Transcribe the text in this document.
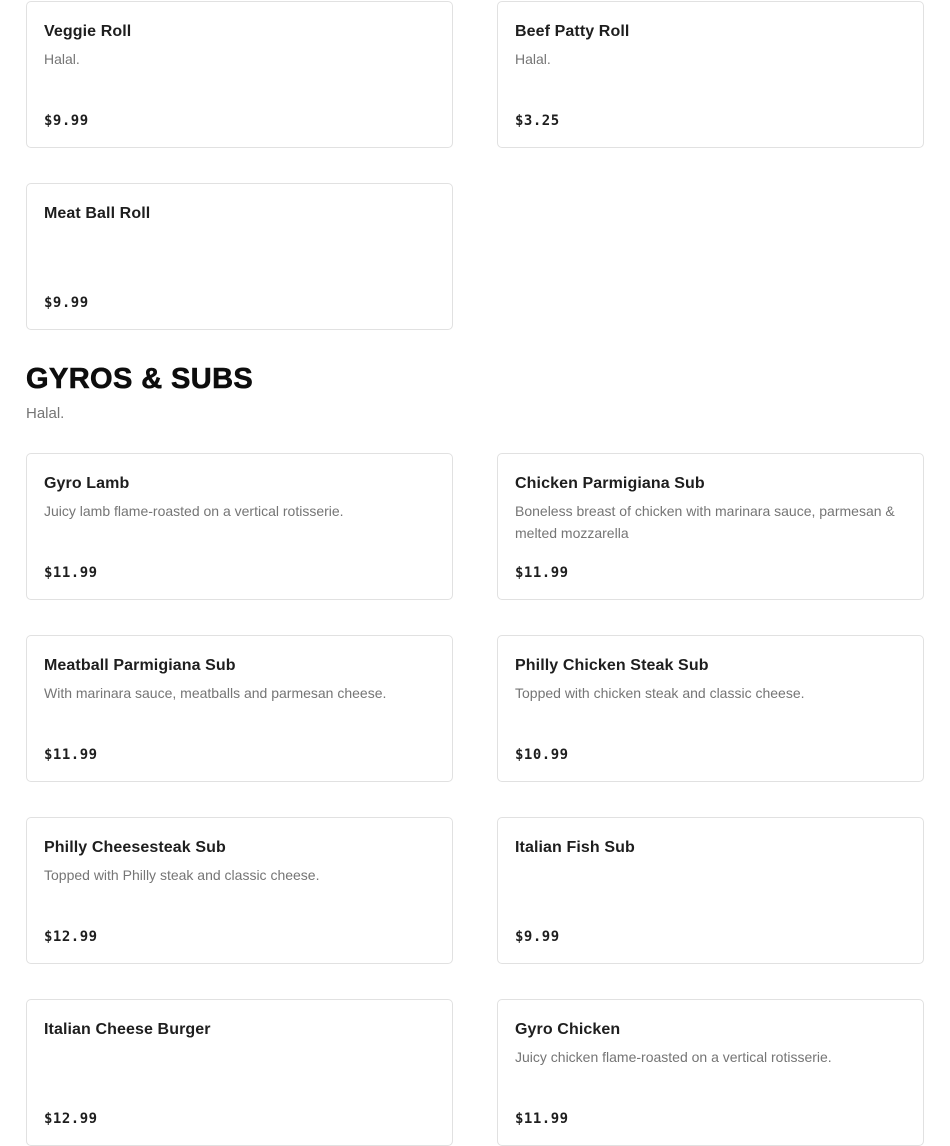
Veggie Roll

Halal.

$9.99
Beef Patty Roll

Halal.

$3.25
Meat Ball Roll
$9.99
GYROS & SUBS

Halal.

Gyro Lamb

Juicy lamb flame-roasted on a vertical rotisserie.

$11.99
Chicken Parmigiana Sub

Boneless breast of chicken with marinara sauce, parmesan & melted mozzarella

$11.99
Meatball Parmigiana Sub

With marinara sauce, meatballs and parmesan cheese.

$11.99
Philly Chicken Steak Sub

Topped with chicken steak and classic cheese.

$10.99
Philly Cheesesteak Sub

Topped with Philly steak and classic cheese.

$12.99
Italian Fish Sub
$9.99
Italian Cheese Burger
$12.99
Gyro Chicken

Juicy chicken flame-roasted on a vertical rotisserie.

$11.99
